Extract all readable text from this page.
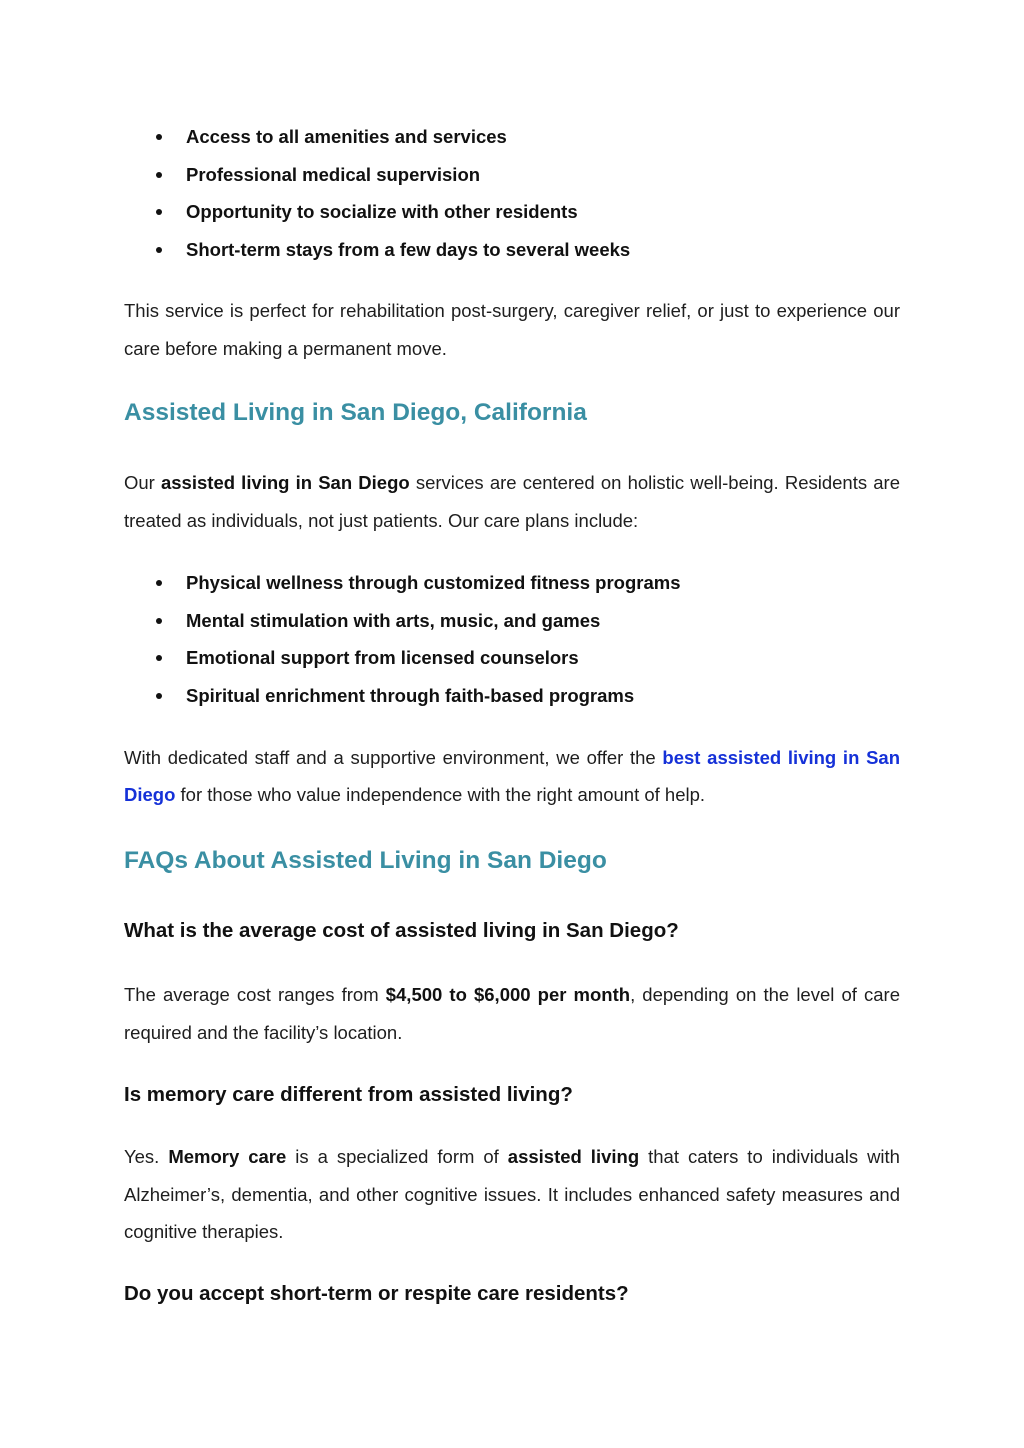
Access to all amenities and services
Professional medical supervision
Opportunity to socialize with other residents
Short-term stays from a few days to several weeks

This service is perfect for rehabilitation post-surgery, caregiver relief, or just to experience our care before making a permanent move.

Assisted Living in San Diego, California

Our assisted living in San Diego services are centered on holistic well-being. Residents are treated as individuals, not just patients. Our care plans include:

Physical wellness through customized fitness programs
Mental stimulation with arts, music, and games
Emotional support from licensed counselors
Spiritual enrichment through faith-based programs

With dedicated staff and a supportive environment, we offer the best assisted living in San Diego for those who value independence with the right amount of help.

FAQs About Assisted Living in San Diego
What is the average cost of assisted living in San Diego?

The average cost ranges from $4,500 to $6,000 per month, depending on the level of care required and the facility’s location.

Is memory care different from assisted living?

Yes. Memory care is a specialized form of assisted living that caters to individuals with Alzheimer’s, dementia, and other cognitive issues. It includes enhanced safety measures and cognitive therapies.

Do you accept short-term or respite care residents?
